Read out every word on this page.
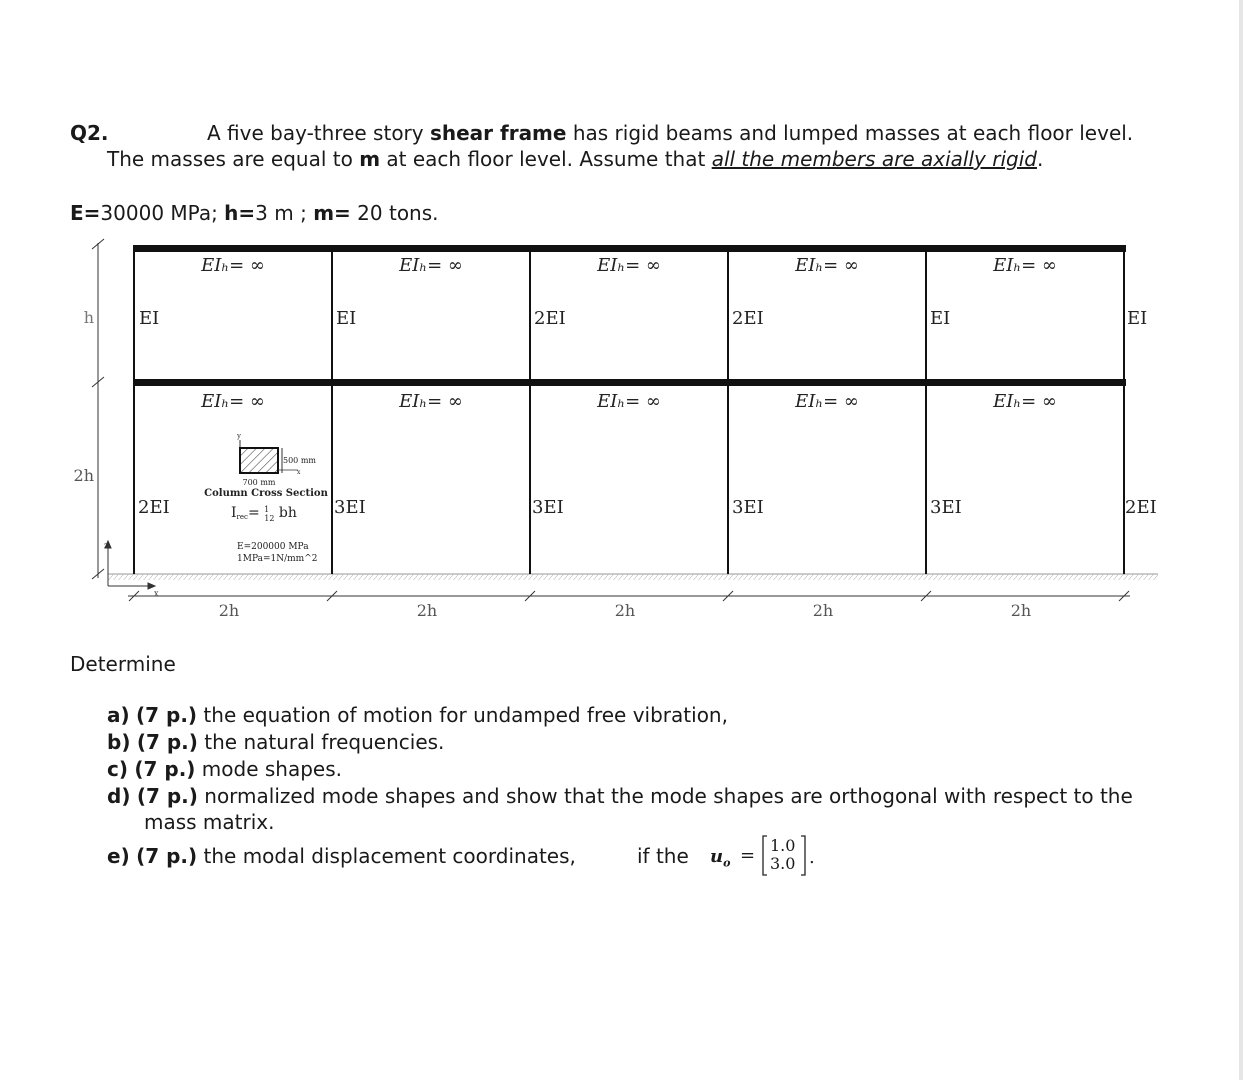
Q2.	A five bay-three story shear frame has rigid beams and lumped masses at each floor level.
The masses are equal to m at each floor level. Assume that all the members are axially rigid.
E=30000 MPa; h=3 m ; m= 20 tons.
h
2h
2h	2h	2h	2h	2h
z
x
EIₕ= ∞	EIₕ= ∞	EIₕ= ∞	EIₕ= ∞	EIₕ= ∞
EIₕ= ∞	EIₕ= ∞	EIₕ= ∞	EIₕ= ∞	EIₕ= ∞
EI	EI	2EI	2EI	EI	EI
2EI	3EI	3EI	3EI	3EI	2EI
y
500 mm
x
700 mm
Column Cross Section
Irec= $^1$ 12 bh
E=200000 MPa
1MPa=1N/mm^2
Determine
a) (7 p.) the equation of motion for undamped free vibration,
b) (7 p.) the natural frequencies.
c) (7 p.) mode shapes.
d) (7 p.) normalized mode shapes and show that the mode shapes are orthogonal with respect to the
mass matrix.
e) (7 p.) the modal displacement coordinates,	if the $u_o = 1.0$
3.0 .
